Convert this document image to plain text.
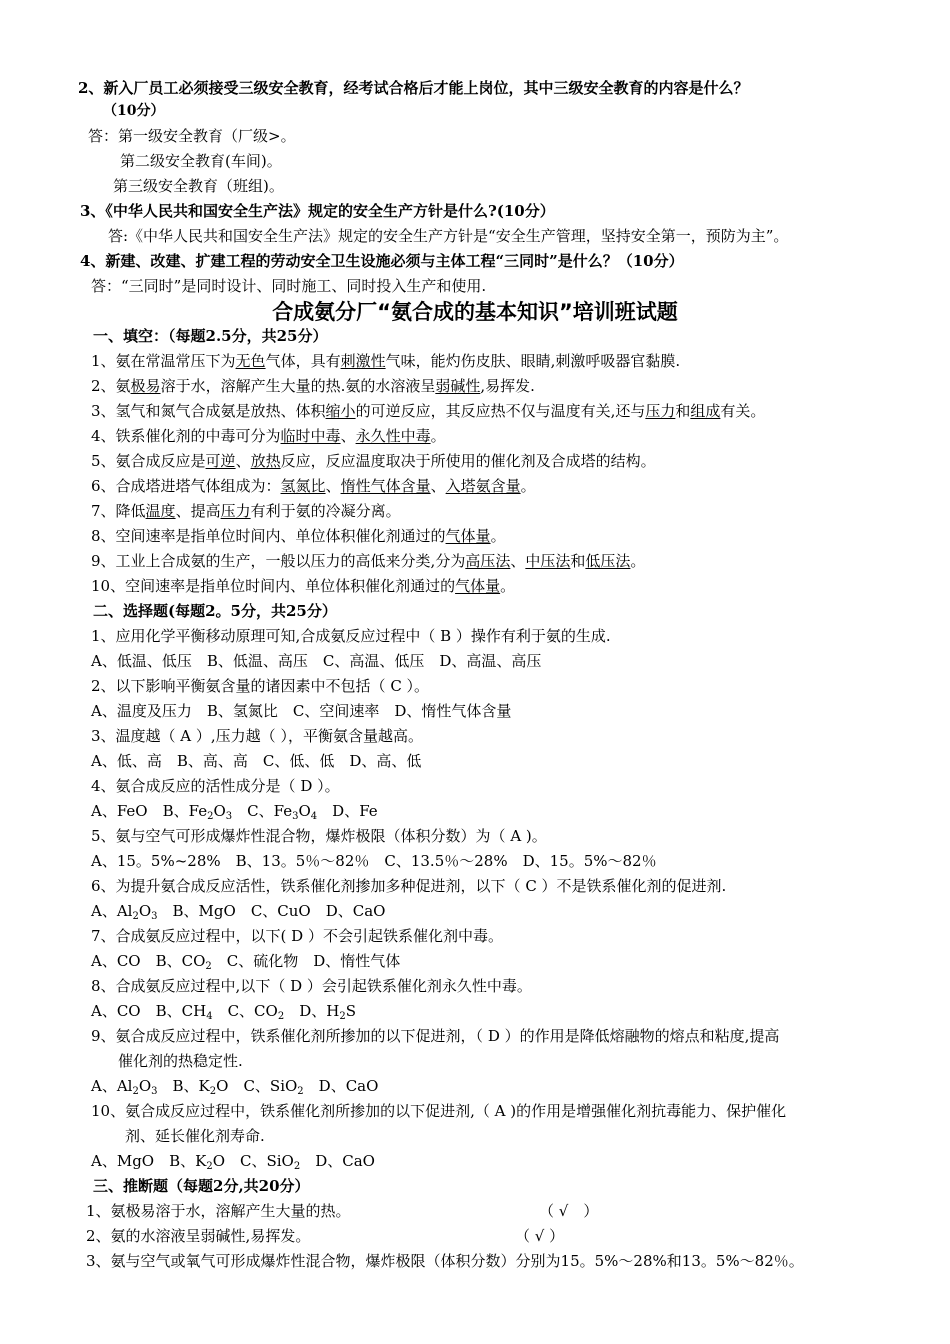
2、新入厂员工必须接受三级安全教育，经考试合格后才能上岗位，其中三级安全教育的内容是什么？
（10分）
答：第一级安全教育（厂级>。
第二级安全教育(车间)。
第三级安全教育（班组)。
3、《中华人民共和国安全生产法》规定的安全生产方针是什么?(10分）
答:《中华人民共和国安全生产法》规定的安全生产方针是“安全生产管理，坚持安全第一，预防为主”。
4、新建、改建、扩建工程的劳动安全卫生设施必须与主体工程“三同时”是什么？（10分）
答：“三同时”是同时设计、同时施工、同时投入生产和使用.
合成氨分厂“氨合成的基本知识”培训班试题
一、填空：（每题2.5分，共25分）
1、氨在常温常压下为无色气体，具有刺激性气味，能灼伤皮肤、眼睛,刺激呼吸器官黏膜.
2、氨极易溶于水，溶解产生大量的热.氨的水溶液呈弱碱性,易挥发.
3、氢气和氮气合成氨是放热、体积缩小的可逆反应，其反应热不仅与温度有关,还与压力和组成有关。
4、铁系催化剂的中毒可分为临时中毒、永久性中毒。
5、氨合成反应是可逆、放热反应，反应温度取决于所使用的催化剂及合成塔的结构。
6、合成塔进塔气体组成为：氢氮比、惰性气体含量、入塔氨含量。
7、降低温度、提高压力有利于氨的冷凝分离。
8、空间速率是指单位时间内、单位体积催化剂通过的气体量。
9、工业上合成氨的生产，一般以压力的高低来分类,分为高压法、中压法和低压法。
10、空间速率是指单位时间内、单位体积催化剂通过的气体量。
二、选择题(每题2。5分，共25分）
1、应用化学平衡移动原理可知,合成氨反应过程中（ B ）操作有利于氨的生成.
A、低温、低压　B、低温、高压　C、高温、低压　D、高温、高压
2、以下影响平衡氨含量的诸因素中不包括（ C ）。
A、温度及压力　B、氢氮比　C、空间速率　D、惰性气体含量
3、温度越（ A ）,压力越（ ），平衡氨含量越高。
A、低、高　B、高、高　C、低、低　D、高、低
4、氨合成反应的活性成分是（ D ）。
A、FeO　B、$Fe_2O_3$　C、$Fe_3O_4$　D、Fe
5、氨与空气可形成爆炸性混合物，爆炸极限（体积分数）为（ A )。
A、15。5%~28%　B、13。5％～82％　C、13.5％～28%　D、15。5%～82％
6、为提升氨合成反应活性，铁系催化剂掺加多种促进剂，以下（ C ）不是铁系催化剂的促进剂.
A、$Al_2O_3$　B、MgO　C、CuO　D、CaO
7、合成氨反应过程中，以下( D ）不会引起铁系催化剂中毒。
A、CO　B、$CO_2$　C、硫化物　D、惰性气体
8、合成氨反应过程中,以下（ D ）会引起铁系催化剂永久性中毒。
A、CO　B、$CH_4$　C、$CO_2$　D、$H_2S$
9、氨合成反应过程中，铁系催化剂所掺加的以下促进剂，（ D ）的作用是降低熔融物的熔点和粘度,提高
催化剂的热稳定性.
A、$Al_2O_3$　B、$K_2O$　C、SiO$_2$　D、CaO
10、氨合成反应过程中，铁系催化剂所掺加的以下促进剂,（ A )的作用是增强催化剂抗毒能力、保护催化
剂、延长催化剂寿命.
A、MgO　B、$K_2O$　C、SiO$_2$　D、CaO
三、推断题（每题2分,共20分）
1、氨极易溶于水，溶解产生大量的热。	（ √　）
2、氨的水溶液呈弱碱性,易挥发。	（ √ ）
3、氨与空气或氧气可形成爆炸性混合物，爆炸极限（体积分数）分别为15。5%～28%和13。5%～82％。
